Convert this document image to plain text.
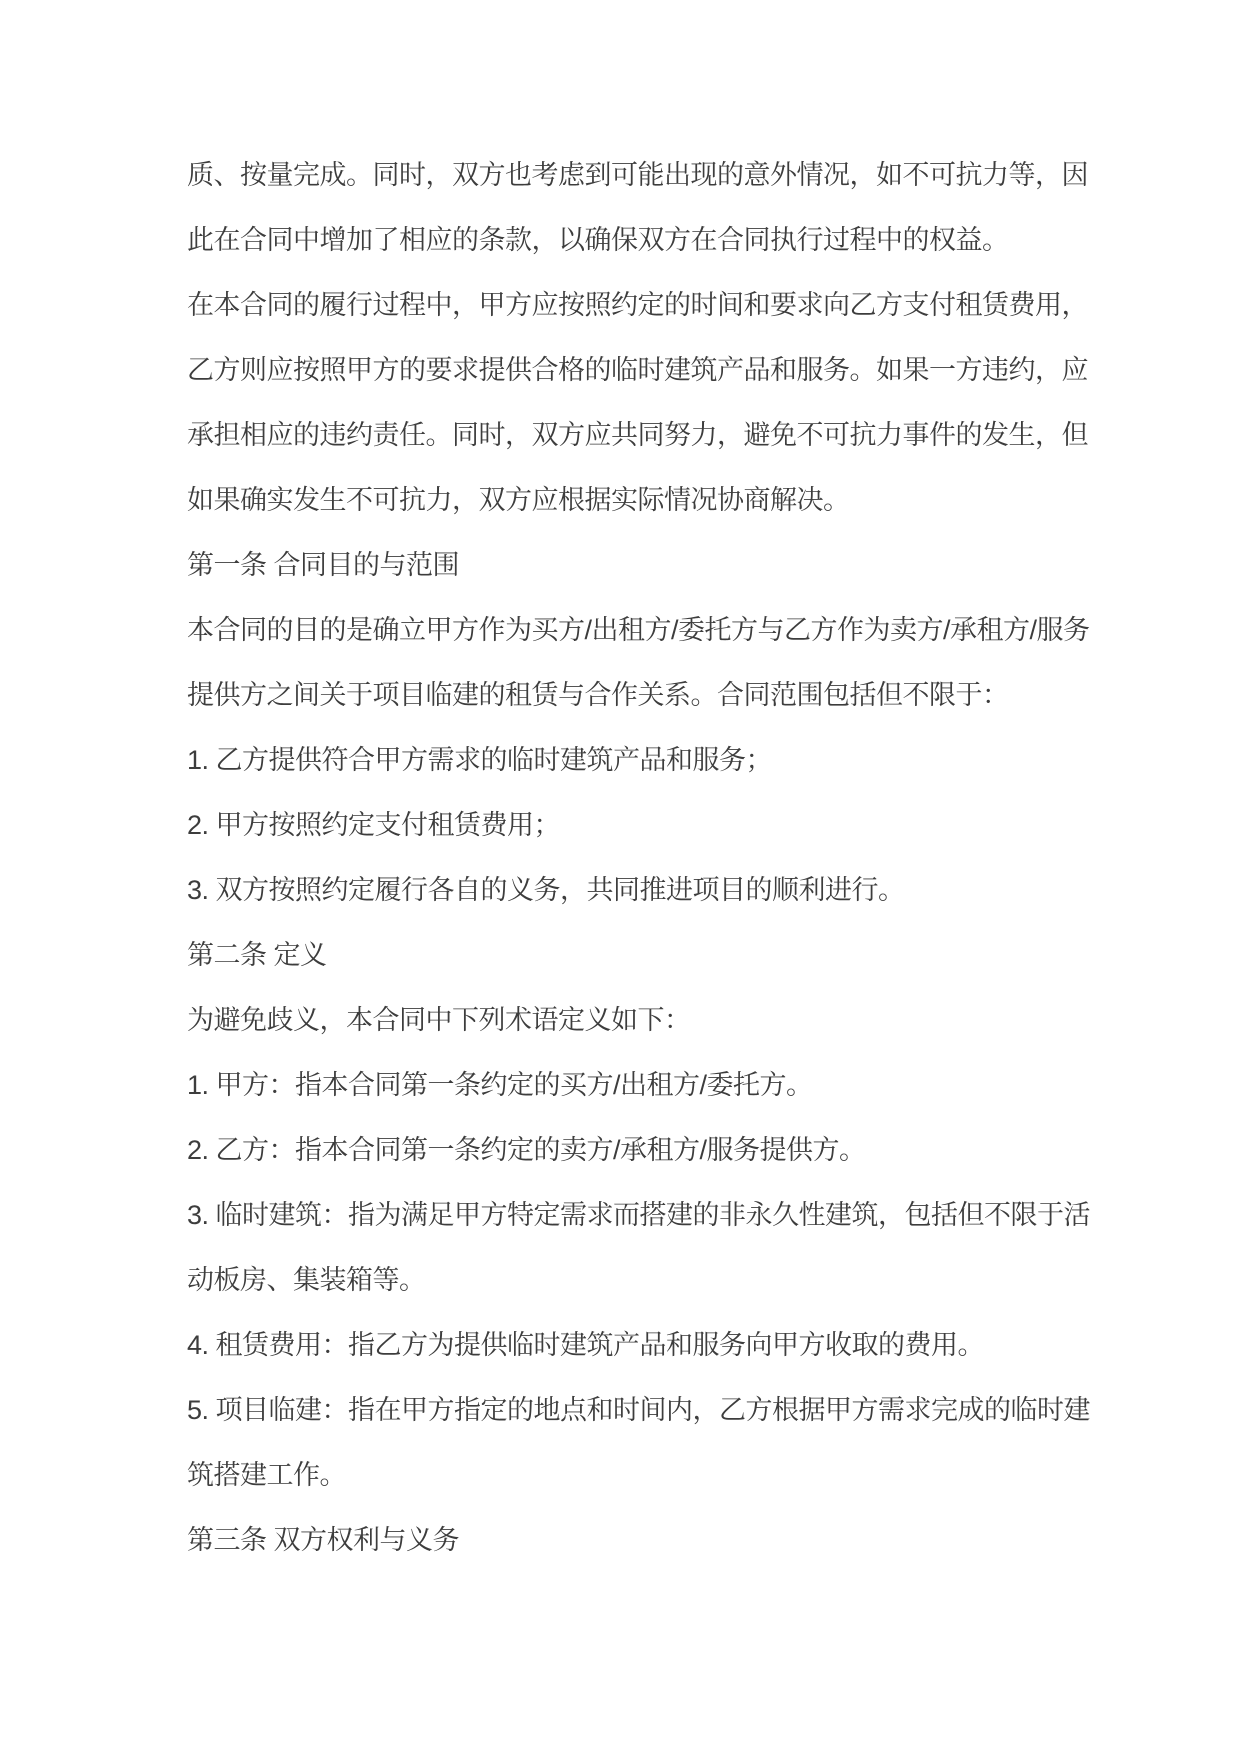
质、按量完成。同时，双方也考虑到可能出现的意外情况，如不可抗力等，因
此在合同中增加了相应的条款，以确保双方在合同执行过程中的权益。
在本合同的履行过程中，甲方应按照约定的时间和要求向乙方支付租赁费用，
乙方则应按照甲方的要求提供合格的临时建筑产品和服务。如果一方违约，应
承担相应的违约责任。同时，双方应共同努力，避免不可抗力事件的发生，但
如果确实发生不可抗力，双方应根据实际情况协商解决。
第一条 合同目的与范围
本合同的目的是确立甲方作为买方/出租方/委托方与乙方作为卖方/承租方/服务
提供方之间关于项目临建的租赁与合作关系。合同范围包括但不限于：
1. 乙方提供符合甲方需求的临时建筑产品和服务；
2. 甲方按照约定支付租赁费用；
3. 双方按照约定履行各自的义务，共同推进项目的顺利进行。
第二条 定义
为避免歧义，本合同中下列术语定义如下：
1. 甲方：指本合同第一条约定的买方/出租方/委托方。
2. 乙方：指本合同第一条约定的卖方/承租方/服务提供方。
3. 临时建筑：指为满足甲方特定需求而搭建的非永久性建筑，包括但不限于活
动板房、集装箱等。
4. 租赁费用：指乙方为提供临时建筑产品和服务向甲方收取的费用。
5. 项目临建：指在甲方指定的地点和时间内，乙方根据甲方需求完成的临时建
筑搭建工作。
第三条 双方权利与义务
